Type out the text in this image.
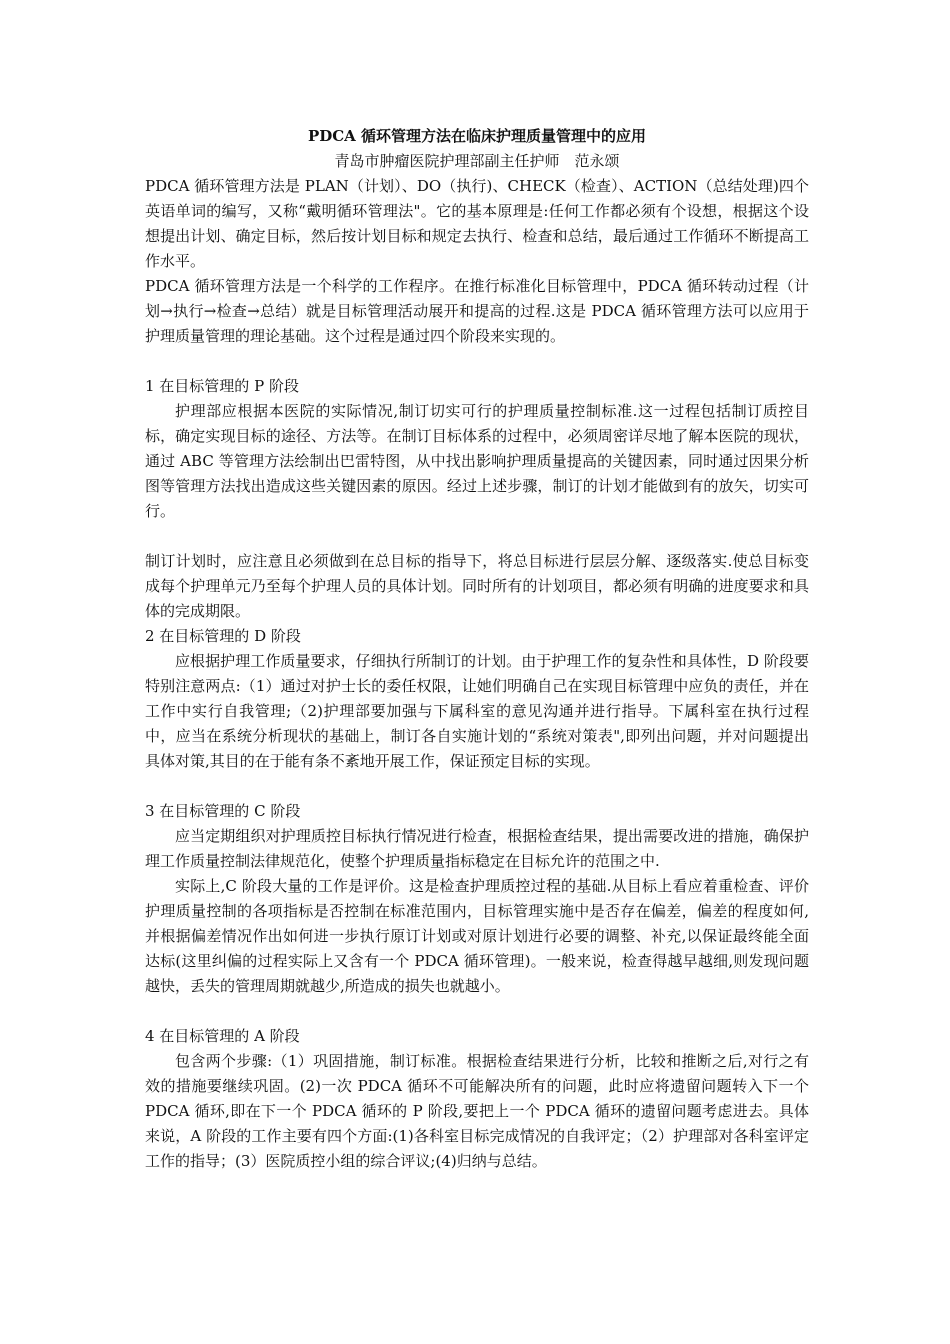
PDCA 循环管理方法在临床护理质量管理中的应用

青岛市肿瘤医院护理部副主任护师　范永颂

PDCA 循环管理方法是 PLAN（计划）、DO（执行)、CHECK（检查）、ACTION（总结处理)四个英语单词的编写，又称“戴明循环管理法"。它的基本原理是:任何工作都必须有个设想，根据这个设想提出计划、确定目标，然后按计划目标和规定去执行、检查和总结，最后通过工作循环不断提高工作水平。

PDCA 循环管理方法是一个科学的工作程序。在推行标准化目标管理中，PDCA 循环转动过程（计划→执行→检查→总结）就是目标管理活动展开和提高的过程.这是 PDCA 循环管理方法可以应用于护理质量管理的理论基础。这个过程是通过四个阶段来实现的。

1 在目标管理的 P 阶段

护理部应根据本医院的实际情况,制订切实可行的护理质量控制标准.这一过程包括制订质控目标，确定实现目标的途径、方法等。在制订目标体系的过程中，必须周密详尽地了解本医院的现状，通过 ABC 等管理方法绘制出巴雷特图，从中找出影响护理质量提高的关键因素，同时通过因果分析图等管理方法找出造成这些关键因素的原因。经过上述步骤，制订的计划才能做到有的放矢，切实可行。

制订计划时，应注意且必须做到在总目标的指导下，将总目标进行层层分解、逐级落实.使总目标变成每个护理单元乃至每个护理人员的具体计划。同时所有的计划项目，都必须有明确的进度要求和具体的完成期限。

2 在目标管理的 D 阶段

应根据护理工作质量要求，仔细执行所制订的计划。由于护理工作的复杂性和具体性，D 阶段要特别注意两点:（1）通过对护士长的委任权限，让她们明确自己在实现目标管理中应负的责任，并在工作中实行自我管理;（2)护理部要加强与下属科室的意见沟通并进行指导。下属科室在执行过程中，应当在系统分析现状的基础上，制订各自实施计划的“系统对策表",即列出问题，并对问题提出具体对策,其目的在于能有条不紊地开展工作，保证预定目标的实现。

3 在目标管理的 C 阶段

应当定期组织对护理质控目标执行情况进行检查，根据检查结果，提出需要改进的措施，确保护理工作质量控制法律规范化，使整个护理质量指标稳定在目标允许的范围之中.

实际上,C 阶段大量的工作是评价。这是检查护理质控过程的基础.从目标上看应着重检查、评价护理质量控制的各项指标是否控制在标准范围内，目标管理实施中是否存在偏差，偏差的程度如何,并根据偏差情况作出如何进一步执行原订计划或对原计划进行必要的调整、补充,以保证最终能全面达标(这里纠偏的过程实际上又含有一个 PDCA 循环管理)。一般来说，检查得越早越细,则发现问题越快，丢失的管理周期就越少,所造成的损失也就越小。

4 在目标管理的 A 阶段

包含两个步骤:（1）巩固措施，制订标准。根据检查结果进行分析，比较和推断之后,对行之有效的措施要继续巩固。(2)一次 PDCA 循环不可能解决所有的问题，此时应将遗留问题转入下一个 PDCA 循环,即在下一个 PDCA 循环的 P 阶段,要把上一个 PDCA 循环的遗留问题考虑进去。具体来说，A 阶段的工作主要有四个方面:(1)各科室目标完成情况的自我评定；（2）护理部对各科室评定工作的指导；(3）医院质控小组的综合评议;(4)归纳与总结。
